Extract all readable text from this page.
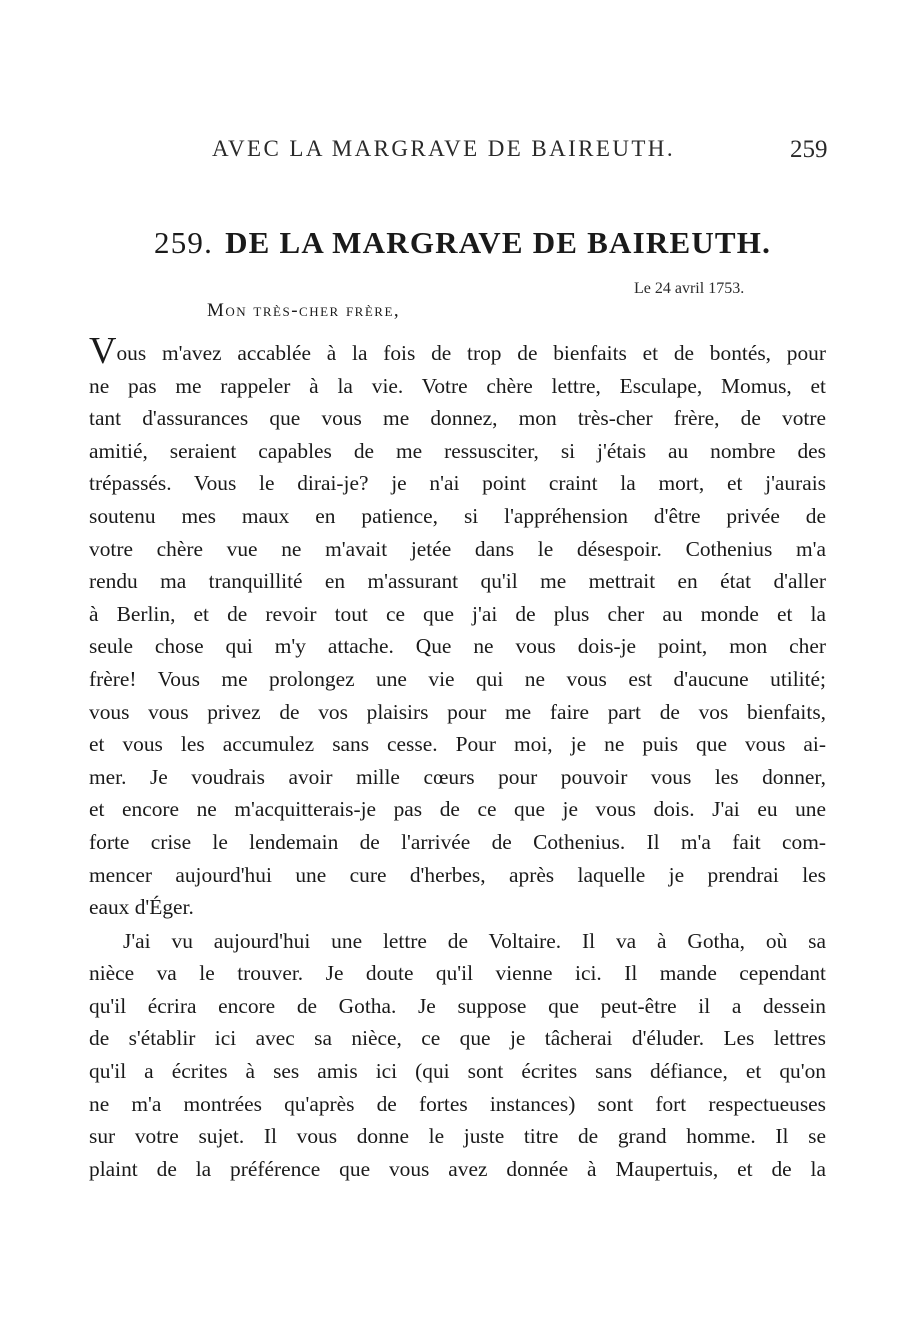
AVEC LA MARGRAVE DE BAIREUTH.	259
259. DE LA MARGRAVE DE BAIREUTH.
Le 24 avril 1753.
Mon très-cher frère,
Vous m'avez accablée à la fois de trop de bienfaits et de bontés, pour
ne pas me rappeler à la vie. Votre chère lettre, Esculape, Momus, et
tant d'assurances que vous me donnez, mon très-cher frère, de votre
amitié, seraient capables de me ressusciter, si j'étais au nombre des
trépassés. Vous le dirai-je? je n'ai point craint la mort, et j'aurais
soutenu mes maux en patience, si l'appréhension d'être privée de
votre chère vue ne m'avait jetée dans le désespoir. Cothenius m'a
rendu ma tranquillité en m'assurant qu'il me mettrait en état d'aller
à Berlin, et de revoir tout ce que j'ai de plus cher au monde et la
seule chose qui m'y attache. Que ne vous dois-je point, mon cher
frère! Vous me prolongez une vie qui ne vous est d'aucune utilité;
vous vous privez de vos plaisirs pour me faire part de vos bienfaits,
et vous les accumulez sans cesse. Pour moi, je ne puis que vous ai-
mer. Je voudrais avoir mille cœurs pour pouvoir vous les donner,
et encore ne m'acquitterais-je pas de ce que je vous dois. J'ai eu une
forte crise le lendemain de l'arrivée de Cothenius. Il m'a fait com-
mencer aujourd'hui une cure d'herbes, après laquelle je prendrai les
eaux d'Éger.
J'ai vu aujourd'hui une lettre de Voltaire. Il va à Gotha, où sa
nièce va le trouver. Je doute qu'il vienne ici. Il mande cependant
qu'il écrira encore de Gotha. Je suppose que peut-être il a dessein
de s'établir ici avec sa nièce, ce que je tâcherai d'éluder. Les lettres
qu'il a écrites à ses amis ici (qui sont écrites sans défiance, et qu'on
ne m'a montrées qu'après de fortes instances) sont fort respectueuses
sur votre sujet. Il vous donne le juste titre de grand homme. Il se
plaint de la préférence que vous avez donnée à Maupertuis, et de la
